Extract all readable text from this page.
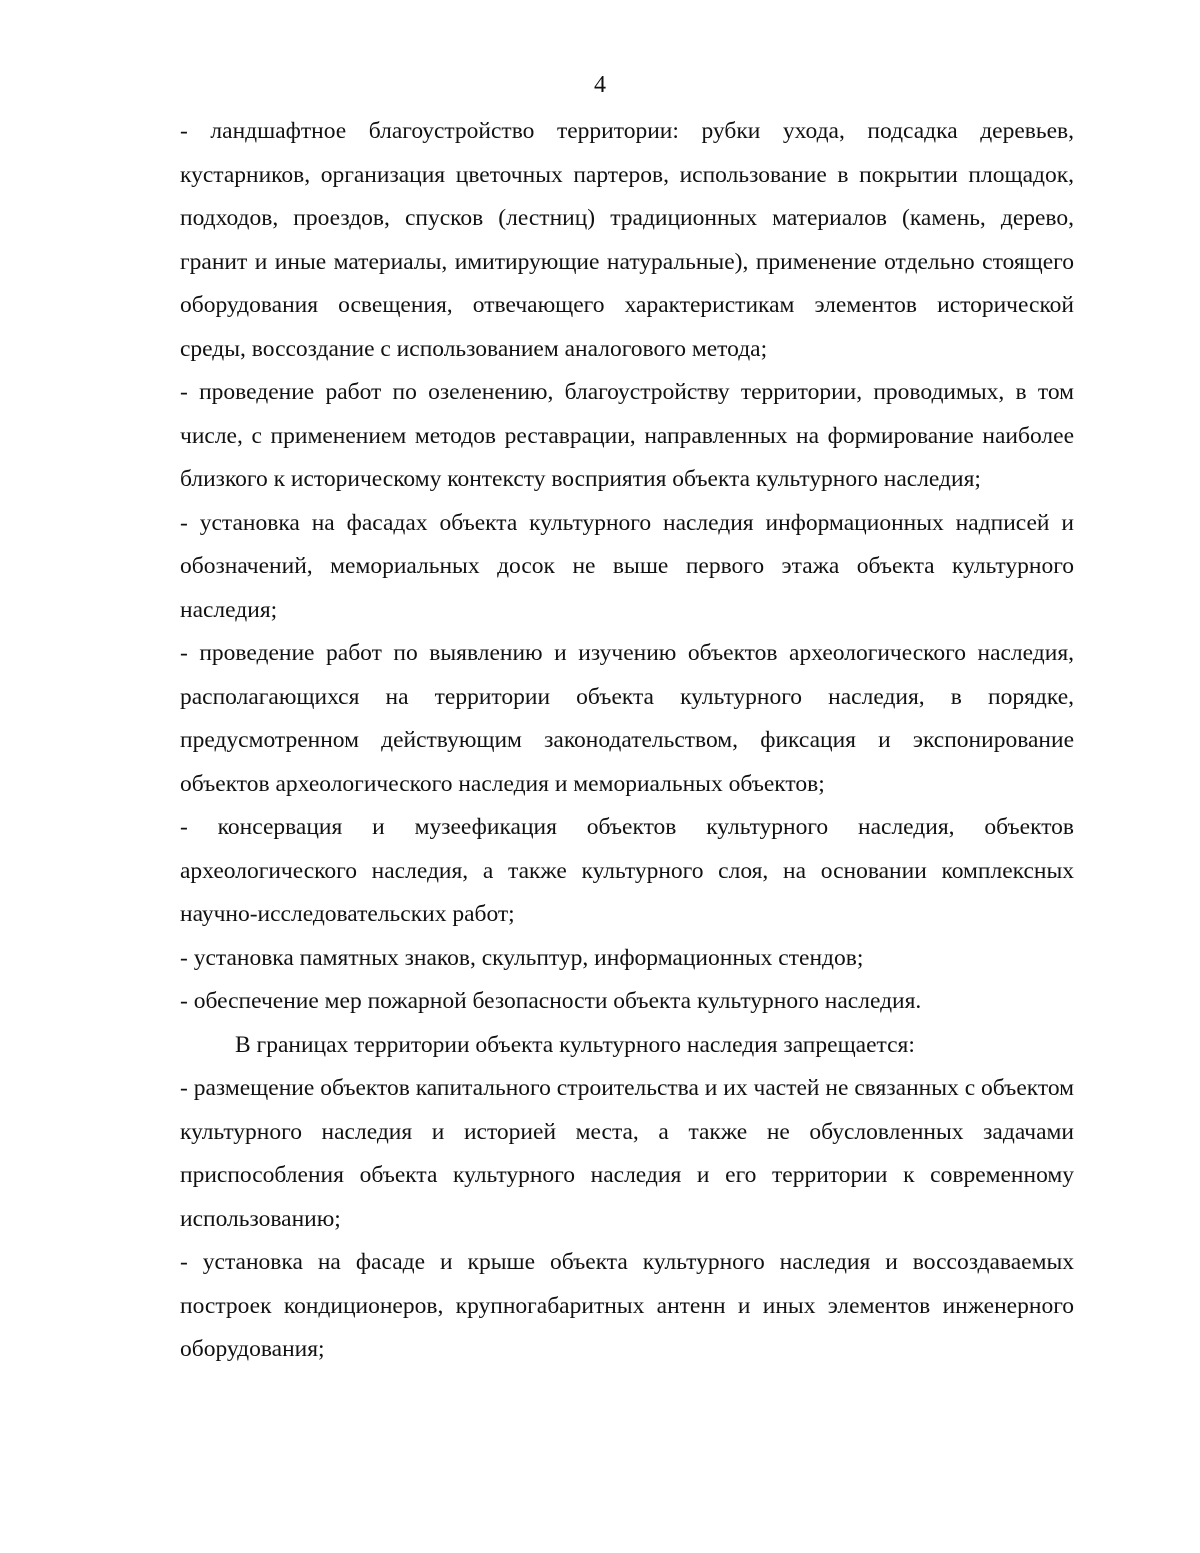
4

- ландшафтное благоустройство территории: рубки ухода, подсадка деревьев, кустарников, организация цветочных партеров, использование в покрытии площадок, подходов, проездов, спусков (лестниц) традиционных материалов (камень, дерево, гранит и иные материалы, имитирующие натуральные), применение отдельно стоящего оборудования освещения, отвечающего характеристикам элементов исторической среды, воссоздание с использованием аналогового метода;

- проведение работ по озеленению, благоустройству территории, проводимых, в том числе, с применением методов реставрации, направленных на формирование наиболее близкого к историческому контексту восприятия объекта культурного наследия;

- установка на фасадах объекта культурного наследия информационных надписей и обозначений, мемориальных досок не выше первого этажа объекта культурного наследия;

- проведение работ по выявлению и изучению объектов археологического наследия, располагающихся на территории объекта культурного наследия, в порядке, предусмотренном действующим законодательством, фиксация и экспонирование объектов археологического наследия и мемориальных объектов;

- консервация и музеефикация объектов культурного наследия, объектов археологического наследия, а также культурного слоя, на основании комплексных научно-исследовательских работ;

- установка памятных знаков, скульптур, информационных стендов;

- обеспечение мер пожарной безопасности объекта культурного наследия.

В границах территории объекта культурного наследия запрещается:

- размещение объектов капитального строительства и их частей не связанных с объектом культурного наследия и историей места, а также не обусловленных задачами приспособления объекта культурного наследия и его территории к современному использованию;

- установка на фасаде и крыше объекта культурного наследия и воссоздаваемых построек кондиционеров, крупногабаритных антенн и иных элементов инженерного оборудования;
